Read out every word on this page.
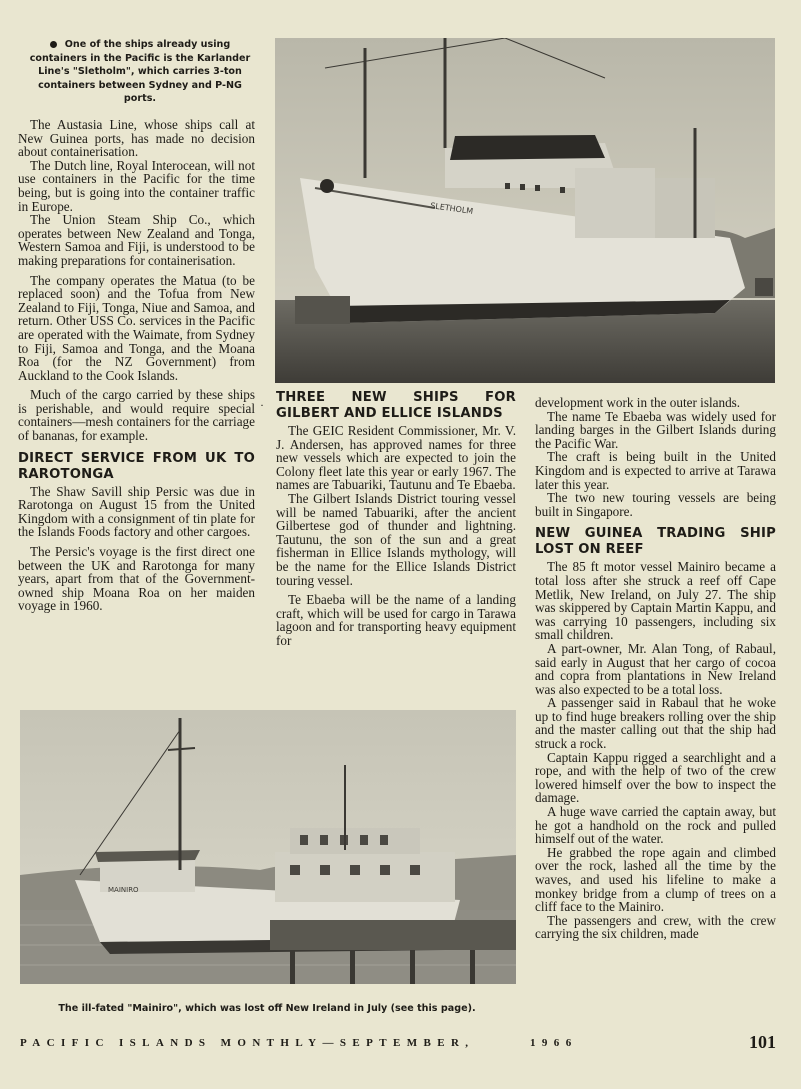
One of the ships already using containers in the Pacific is the Karlander Line's "Sletholm", which carries 3-ton containers between Sydney and P-NG ports.
SLETHOLM

The Austasia Line, whose ships call at New Guinea ports, has made no decision about containerisation.

The Dutch line, Royal Interocean, will not use containers in the Pacific for the time being, but is going into the container traffic in Europe.

The Union Steam Ship Co., which operates between New Zealand and Tonga, Western Samoa and Fiji, is understood to be making preparations for containerisation.

The company operates the Matua (to be replaced soon) and the Tofua from New Zealand to Fiji, Tonga, Niue and Samoa, and return. Other USS Co. services in the Pacific are operated with the Waimate, from Sydney to Fiji, Samoa and Tonga, and the Moana Roa (for the NZ Government) from Auckland to the Cook Islands.

Much of the cargo carried by these ships is perishable, and would require special containers—mesh containers for the carriage of bananas, for example.

DIRECT SERVICE FROM UK TO RAROTONGA

The Shaw Savill ship Persic was due in Rarotonga on August 15 from the United Kingdom with a consignment of tin plate for the Islands Foods factory and other cargoes.

The Persic's voyage is the first direct one between the UK and Rarotonga for many years, apart from that of the Government-owned ship Moana Roa on her maiden voyage in 1960.

· THREE NEW SHIPS FOR GILBERT AND ELLICE ISLANDS

The GEIC Resident Commissioner, Mr. V. J. Andersen, has approved names for three new vessels which are expected to join the Colony fleet late this year or early 1967. The names are Tabuariki, Tautunu and Te Ebaeba.

The Gilbert Islands District touring vessel will be named Tabuariki, after the ancient Gilbertese god of thunder and lightning. Tautunu, the son of the sun and a great fisherman in Ellice Islands mythology, will be the name for the Ellice Islands District touring vessel.

Te Ebaeba will be the name of a landing craft, which will be used for cargo in Tarawa lagoon and for transporting heavy equipment for

development work in the outer islands.

The name Te Ebaeba was widely used for landing barges in the Gilbert Islands during the Pacific War.

The craft is being built in the United Kingdom and is expected to arrive at Tarawa later this year.

The two new touring vessels are being built in Singapore.

NEW GUINEA TRADING SHIP LOST ON REEF

The 85 ft motor vessel Mainiro became a total loss after she struck a reef off Cape Metlik, New Ireland, on July 27. The ship was skippered by Captain Martin Kappu, and was carrying 10 passengers, including six small children.

A part-owner, Mr. Alan Tong, of Rabaul, said early in August that her cargo of cocoa and copra from plantations in New Ireland was also expected to be a total loss.

A passenger said in Rabaul that he woke up to find huge breakers rolling over the ship and the master calling out that the ship had struck a rock.

Captain Kappu rigged a searchlight and a rope, and with the help of two of the crew lowered himself over the bow to inspect the damage.

A huge wave carried the captain away, but he got a handhold on the rock and pulled himself out of the water.

He grabbed the rope again and climbed over the rock, lashed all the time by the waves, and used his lifeline to make a monkey bridge from a clump of trees on a cliff face to the Mainiro.

The passengers and crew, with the crew carrying the six children, made

MAINIRO
The ill-fated "Mainiro", which was lost off New Ireland in July (see this page).
PACIFIC ISLANDS MONTHLY—SEPTEMBER,	1966	101
